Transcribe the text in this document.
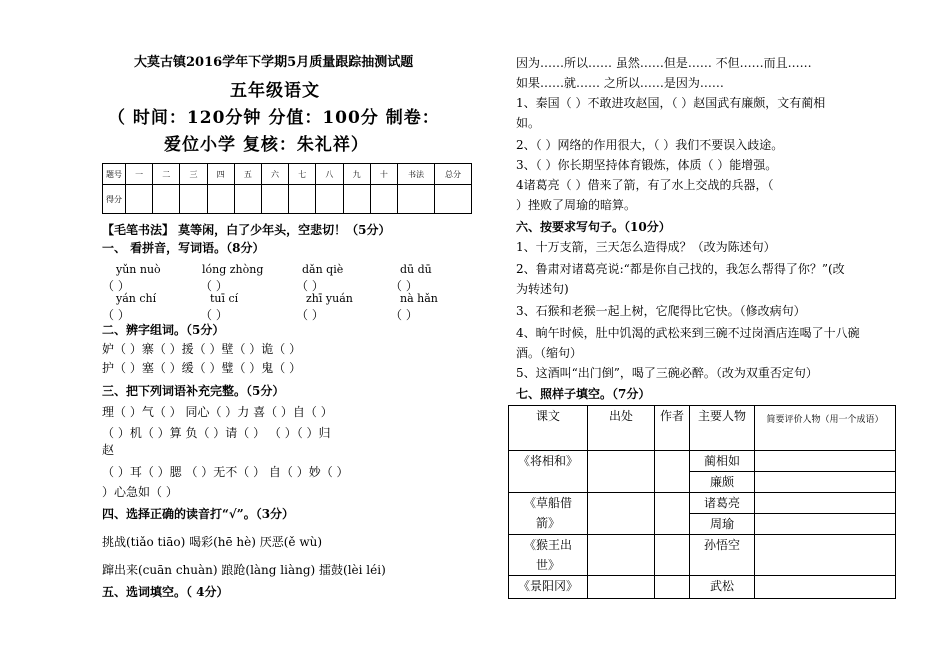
大莫古镇2016学年下学期5月质量跟踪抽测试题
五年级语文
（ 时间：120分钟 分值：100分 制卷：
爱位小学 复核：朱礼祥）
题号	一	二	三	四	五	六	七	八	九	十	书法	总分
得分												
【毛笔书法】 莫等闲，白了少年头，空悲切！（5分）
一、 看拼音，写词语。（8分）
yǔn nuò	lóng zhòng	dǎn qiè	dū dū
（ ）	（ ）	（ ）	（ ）
yán chí	tuī cí	zhī yuán	nà hǎn
（ ）	（ ）	（ ）	（ ）
二、辨字组词。（5分）
妒（ ）寨（ ）援（ ）壁（ ）诡（ ）
护（ ）塞（ ）缓（ ）璧（ ）鬼（ ）
三、把下列词语补充完整。（5分）
理（ ）气（ ） 同心（ ）力 喜（ ）自（ ）
（ ）机（ ）算 负（ ）请（ ） （ ）（ ）归
赵
（ ）耳（ ）腮 （ ）无不（ ） 自（ ）妙（ ）
）心急如（ ）
四、选择正确的读音打“√”。（3分）
挑战(tiǎo tiāo) 喝彩(hē hè) 厌恶(ě wù)
蹿出来(cuān chuàn) 踉跄(làng liàng) 擂鼓(lèi léi)
五、选词填空。（ 4分）
因为……所以…… 虽然……但是…… 不但……而且……
如果……就…… 之所以……是因为……
1、秦国（ ）不敢进攻赵国，（ ）赵国武有廉颇，文有蔺相
如。
2、（ ）网络的作用很大，（ ）我们不要误入歧途。
3、（ ）你长期坚持体育锻炼，体质（ ）能增强。
4诸葛亮（ ）借来了箭，有了水上交战的兵器，（
）挫败了周瑜的暗算。
六、按要求写句子。（10分）
1、十万支箭，三天怎么造得成？（改为陈述句）
2、鲁肃对诸葛亮说:“都是你自己找的，我怎么帮得了你？”(改
为转述句)
3、石猴和老猴一起上树，它爬得比它快。（修改病句）
4、晌午时候，肚中饥渴的武松来到三碗不过岗酒店连喝了十八碗
酒。（缩句）
5、这酒叫“出门倒”，喝了三碗必醉。（改为双重否定句）
七、照样子填空。（7分）
课文	出处	作者	主要人物	简要评价人物（用一个成语）
《将相和》			蔺相如	
			廉颇	
《草船借箭》			诸葛亮	
			周瑜	
《猴王出世》			孙悟空	
《景阳冈》			武松	
